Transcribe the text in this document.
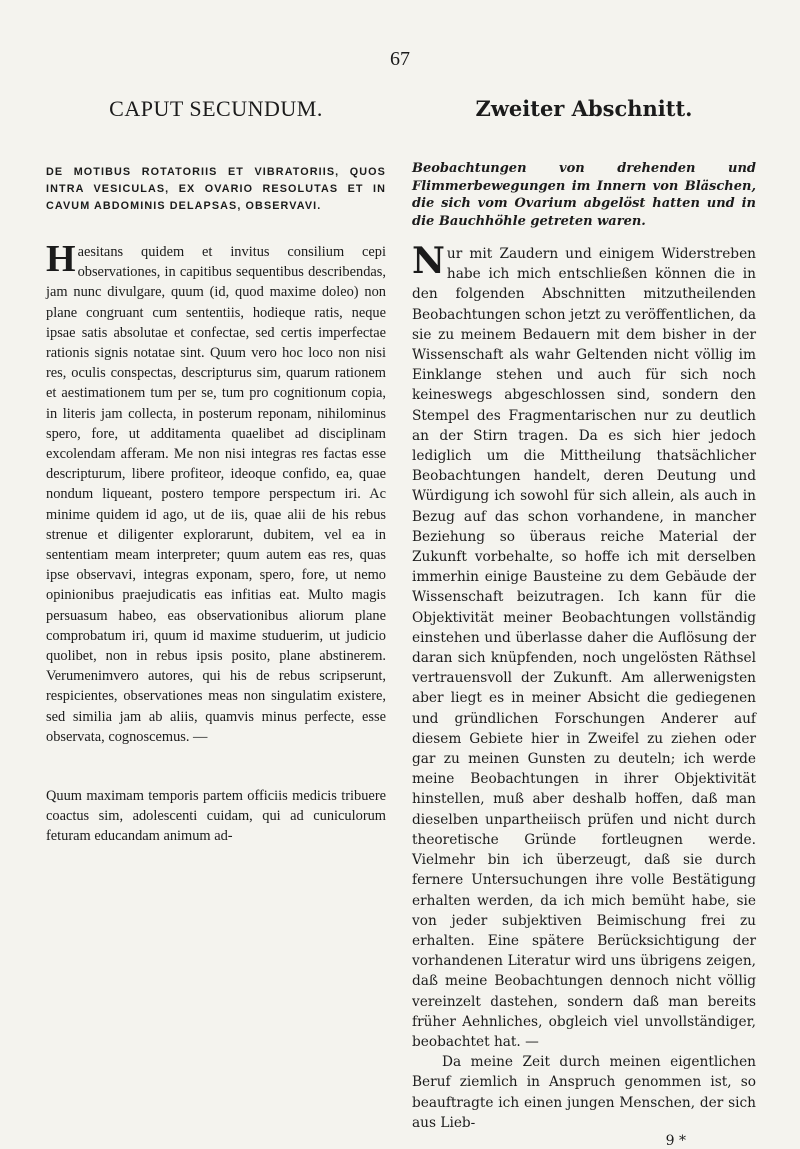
67
CAPUT SECUNDUM.
DE MOTIBUS ROTATORIIS ET VIBRATORIIS, QUOS INTRA VESICULAS, EX OVARIO RESOLUTAS ET IN CAVUM ABDOMINIS DELAPSAS, OBSERVAVI.

Haesitans quidem et invitus consilium cepi observationes, in capitibus sequentibus describendas, jam nunc divulgare, quum (id, quod maxime doleo) non plane congruant cum sententiis, hodiеque ratis, neque ipsae satis absolutae et confectae, sed certis imperfectae rationis signis notatae sint. Quum vero hoc loco non nisi res, oculis conspectas, descripturus sim, quarum rationem et aestimationem tum per se, tum pro cognitionum copia, in literis jam collecta, in posterum reponam, nihilominus spero, fore, ut additamenta quaelibet ad disciplinam excolendam afferam. Me non nisi integras res factas esse descripturum, libere profiteor, ideoque confido, ea, quae nondum liqueant, postero tempore perspectum iri. Ac minime quidem id ago, ut de iis, quae alii de his rebus strenue et diligenter explorarunt, dubitem, vel ea in sententiam meam interpreter; quum autem eas res, quas ipse observavi, integras exponam, spero, fore, ut nemo opinionibus praejudicatis eas infitias eat. Multo magis persuasum habeo, eas observationibus aliorum plane comprobatum iri, quum id maxime studuerim, ut judicio quolibet, non in rebus ipsis posito, plane abstinerem. Verumenimvero autores, qui his de rebus scripserunt, respicientes, observationes meas non singulatim existere, sed similia jam ab aliis, quamvis minus perfecte, esse observata, cognoscemus. —

Quum maximam temporis partem officiis medicis tribuere coactus sim, adolescenti cuidam, qui ad cuniculorum feturam educandam animum ad-

Zweiter Abschnitt.
Beobachtungen von drehenden und Flimmerbewegungen im Innern von Bläschen, die sich vom Ovarium abgelöst hatten und in die Bauchhöhle getreten waren.

Nur mit Zaudern und einigem Widerstreben habe ich mich entschließen können die in den folgenden Abschnitten mitzutheilenden Beobachtungen schon jetzt zu veröffentlichen, da sie zu meinem Bedauern mit dem bisher in der Wissenschaft als wahr Geltenden nicht völlig im Einklange stehen und auch für sich noch keineswegs abgeschlossen sind, sondern den Stempel des Fragmentarischen nur zu deutlich an der Stirn tragen. Da es sich hier jedoch lediglich um die Mittheilung thatsächlicher Beobachtungen handelt, deren Deutung und Würdigung ich sowohl für sich allein, als auch in Bezug auf das schon vorhandene, in mancher Beziehung so überaus reiche Material der Zukunft vorbehalte, so hoffe ich mit derselben immerhin einige Bausteine zu dem Gebäude der Wissenschaft beizutragen. Ich kann für die Objektivität meiner Beobachtungen vollständig einstehen und überlasse daher die Auflösung der daran sich knüpfenden, noch ungelösten Räthsel vertrauensvoll der Zukunft. Am allerwenigsten aber liegt es in meiner Absicht die gediegenen und gründlichen Forschungen Anderer auf diesem Gebiete hier in Zweifel zu ziehen oder gar zu meinen Gunsten zu deuteln; ich werde meine Beobachtungen in ihrer Objektivität hinstellen, muß aber deshalb hoffen, daß man dieselben unpartheiisch prüfen und nicht durch theoretische Gründe fortleugnen werde. Vielmehr bin ich überzeugt, daß sie durch fernere Untersuchungen ihre volle Bestätigung erhalten werden, da ich mich bemüht habe, sie von jeder subjektiven Beimischung frei zu erhalten. Eine spätere Berücksichtigung der vorhandenen Literatur wird uns übrigens zeigen, daß meine Beobachtungen dennoch nicht völlig vereinzelt dastehen, sondern daß man bereits früher Aehnliches, obgleich viel unvollständiger, beobachtet hat. —

Da meine Zeit durch meinen eigentlichen Beruf ziemlich in Anspruch genommen ist, so beauftragte ich einen jungen Menschen, der sich aus Lieb-

9 *
